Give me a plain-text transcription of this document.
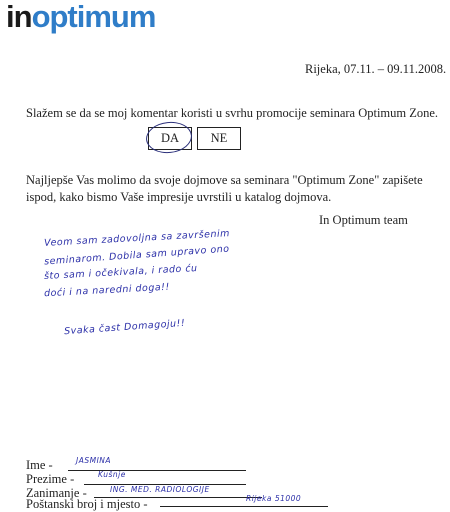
inoptimum
Rijeka, 07.11. – 09.11.2008.
Slažem se da se moj komentar koristi u svrhu promocije seminara Optimum Zone.
DA	NE
Najljepše Vas molimo da svoje dojmove sa seminara "Optimum Zone" zapišete ispod, kako bismo Vaše impresije uvrstili u katalog dojmova.
In Optimum team
Veom sam zadovoljna sa završenim
seminarom. Dobila sam upravo ono
što sam i očekivala, i rado ću
doći i na naredni doga!!
Svaka čast Domagoju!!
Ime -	JASMINA
Prezime -	Kušnje
Zanimanje -	ING. MED. RADIOLOGIJE
Poštanski broj i mjesto -	Rijeka 51000
